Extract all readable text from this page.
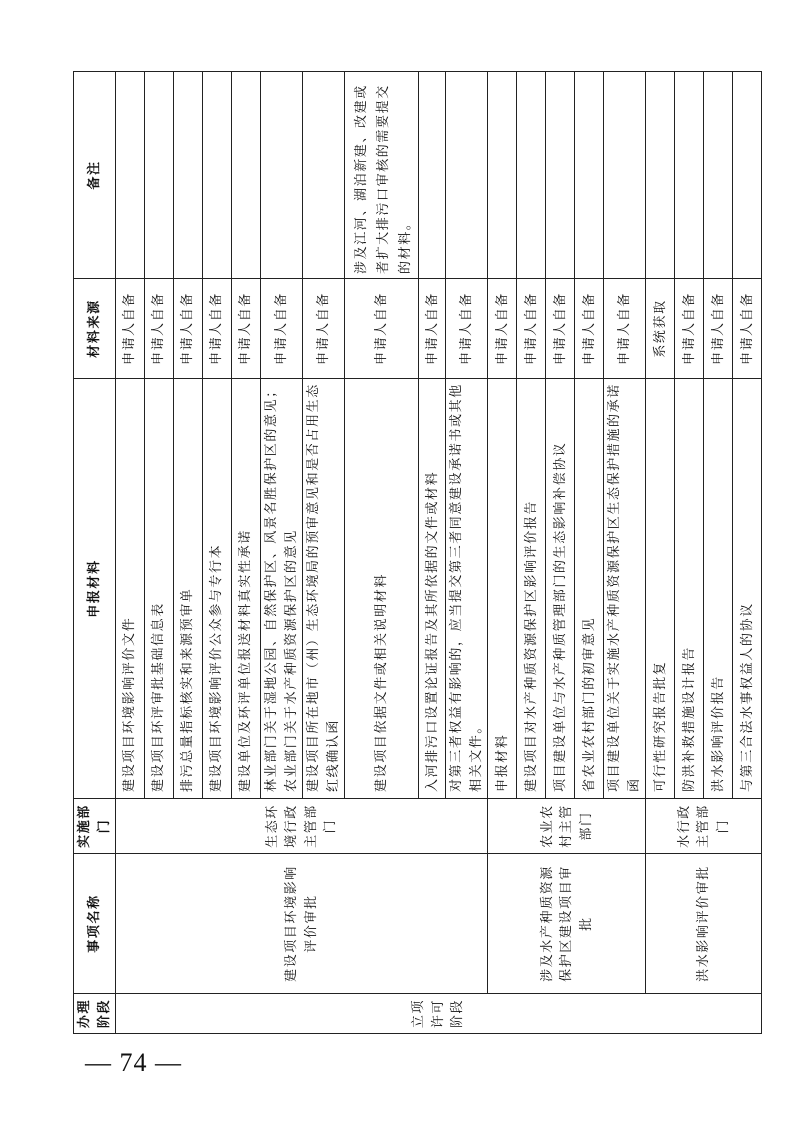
办理阶段	事项名称	实施部门	申报材料	材料来源	备注
立项许可阶段	建设项目环境影响评价审批	生态环境行政主管部门	建设项目环境影响评价文件	申请人自备	
			建设项目环评审批基础信息表	申请人自备	
			排污总量指标核实和来源预审单	申请人自备	
			建设项目环境影响评价公众参与专行本	申请人自备	
			建设单位及环评单位报送材料真实性承诺	申请人自备	
			林业部门关于湿地公园、自然保护区、风景名胜保护区的意见；农业部门关于水产种质资源保护区的意见	申请人自备	
			建设项目所在地市（州）生态环境局的预审意见和是否占用生态红线确认函	申请人自备	
			建设项目依据文件或相关说明材料	申请人自备	涉及江河、湖泊新建、改建或者扩大排污口审核的需要提交的材料。
			入河排污口设置论证报告及其所依据的文件或材料	申请人自备	
			对第三者权益有影响的，应当提交第三者同意建设承诺书或其他相关文件。	申请人自备	
	涉及水产种质资源保护区建设项目审批	农业农村主管部门	申报材料	申请人自备	
			建设项目对水产种质资源保护区影响评价报告	申请人自备	
			项目建设单位与水产种质管理部门的生态影响补偿协议	申请人自备	
			省农业农村部门的初审意见	申请人自备	
			项目建设单位关于实施水产种质资源保护区生态保护措施的承诺函	申请人自备	
	洪水影响评价审批	水行政主管部门	可行性研究报告批复	系统获取	
			防洪补救措施设计报告	申请人自备	
			洪水影响评价报告	申请人自备	
			与第三合法水事权益人的协议	申请人自备	
— 74 —
